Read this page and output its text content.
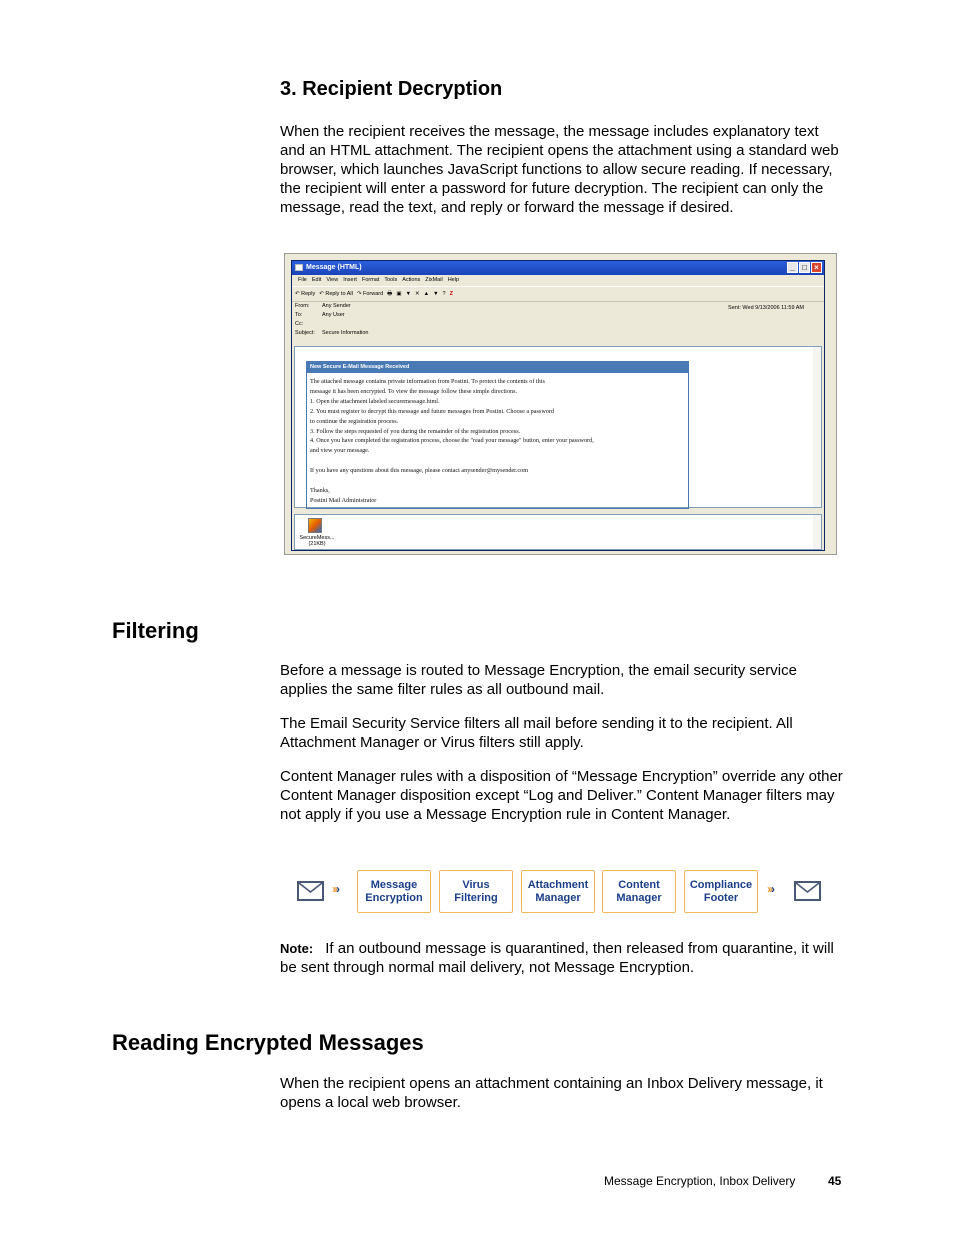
3. Recipient Decryption

When the recipient receives the message, the message includes explanatory text and an HTML attachment. The recipient opens the attachment using a standard web browser, which launches JavaScript functions to allow secure reading. If necessary, the recipient will enter a password for future decryption. The recipient can only the message, read the text, and reply or forward the message if desired.

Message (HTML)	_ □ ×
File Edit View Insert Format Tools Actions ZixMail Help
↶ Reply ↶ Reply to All ↷ Forward 🖶 ▣ ▼ ✕ ▲ ▼ ? Z
From: Any Sender
To:	Any User
Cc:
Subject: Secure Information
Sent: Wed 9/13/2006 11:59 AM
New Secure E-Mail Message Received
The attached message contains private information from Postini. To protect the contents of this
message it has been encrypted. To view the message follow these simple directions.
1. Open the attachment labeled securemessage.html.
2. You must register to decrypt this message and future messages from Postini. Choose a password
to continue the registration process.
3. Follow the steps requested of you during the remainder of the registration process.
4. Once you have completed the registration process, choose the "read your message" button, enter your password,
and view your message.

If you have any questions about this message, please contact anysender@mysender.com

Thanks,
Postini Mail Administrator
SecureMess...
(21KB)
Filtering

Before a message is routed to Message Encryption, the email security service applies the same filter rules as all outbound mail.

The Email Security Service filters all mail before sending it to the recipient. All Attachment Manager or Virus filters still apply.

Content Manager rules with a disposition of “Message Encryption” override any other Content Manager disposition except “Log and Deliver.” Content Manager filters may not apply if you use a Message Encryption rule in Content Manager.

›››	Message
Encryption
Virus
Filtering
Attachment
Manager
Content
Manager
Compliance
Footer
›››

Note: If an outbound message is quarantined, then released from quarantine, it will be sent through normal mail delivery, not Message Encryption.

Reading Encrypted Messages

When the recipient opens an attachment containing an Inbox Delivery message, it opens a local web browser.

Message Encryption, Inbox Delivery	45
